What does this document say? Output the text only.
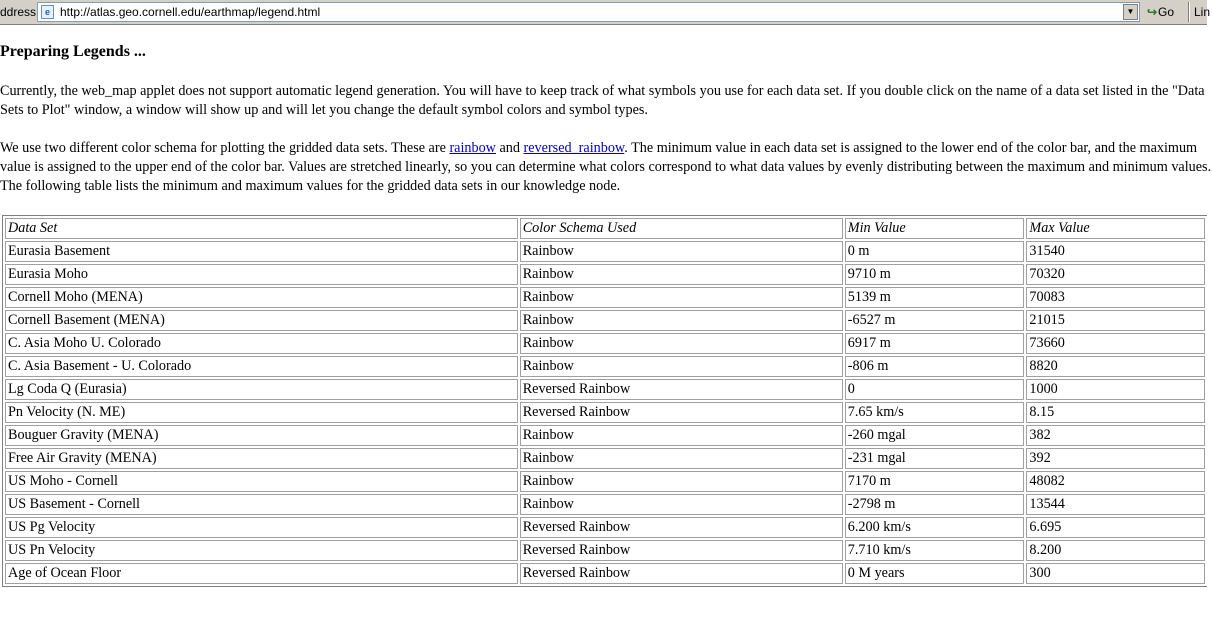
ddress e http://atlas.geo.cornell.edu/earthmap/legend.html	▼ ↪Go	Lin
Preparing Legends ...

Currently, the web_map applet does not support automatic legend generation. You will have to keep track of what symbols you use for each data set. If you double click on the name of a data set listed in the "Data Sets to Plot" window, a window will show up and will let you change the default symbol colors and symbol types.

We use two different color schema for plotting the gridded data sets. These are rainbow and reversed_rainbow. The minimum value in each data set is assigned to the lower end of the color bar, and the maximum value is assigned to the upper end of the color bar. Values are stretched linearly, so you can determine what colors correspond to what data values by evenly distributing between the maximum and minimum values. The following table lists the minimum and maximum values for the gridded data sets in our knowledge node.

Data Set	Color Schema Used	Min Value	Max Value
Eurasia Basement	Rainbow	0 m	31540
Eurasia Moho	Rainbow	9710 m	70320
Cornell Moho (MENA)	Rainbow	5139 m	70083
Cornell Basement (MENA)	Rainbow	-6527 m	21015
C. Asia Moho U. Colorado	Rainbow	6917 m	73660
C. Asia Basement - U. Colorado	Rainbow	-806 m	8820
Lg Coda Q (Eurasia)	Reversed Rainbow	0	1000
Pn Velocity (N. ME)	Reversed Rainbow	7.65 km/s	8.15
Bouguer Gravity (MENA)	Rainbow	-260 mgal	382
Free Air Gravity (MENA)	Rainbow	-231 mgal	392
US Moho - Cornell	Rainbow	7170 m	48082
US Basement - Cornell	Rainbow	-2798 m	13544
US Pg Velocity	Reversed Rainbow	6.200 km/s	6.695
US Pn Velocity	Reversed Rainbow	7.710 km/s	8.200
Age of Ocean Floor	Reversed Rainbow	0 M years	300
